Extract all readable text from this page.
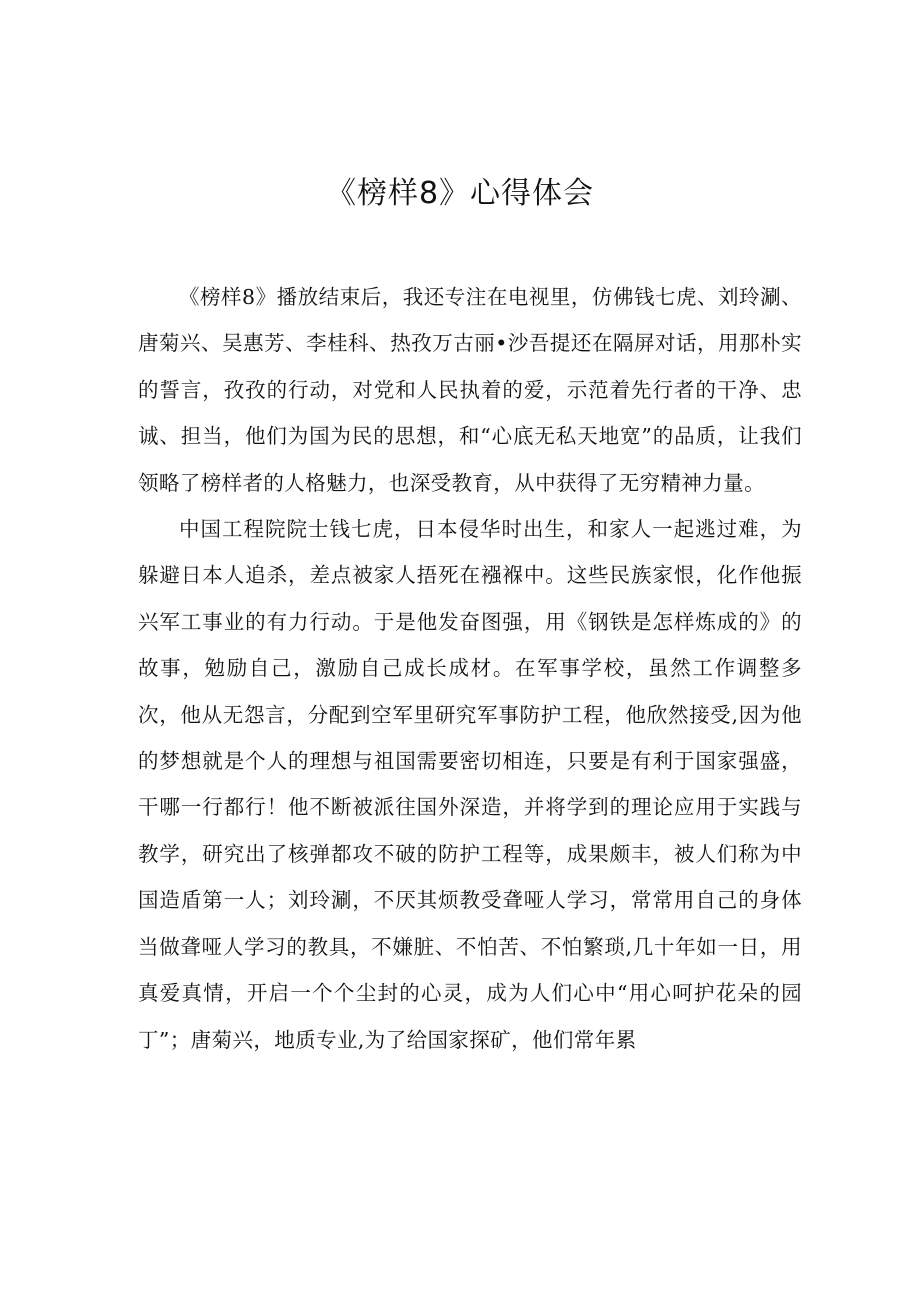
《榜样8》心得体会

《榜样8》播放结束后，我还专注在电视里，仿佛钱七虎、刘玲涮、唐菊兴、吴惠芳、李桂科、热孜万古丽•沙吾提还在隔屏对话，用那朴实的誓言，孜孜的行动，对党和人民执着的爱，示范着先行者的干净、忠诚、担当，他们为国为民的思想，和“心底无私天地宽”的品质，让我们领略了榜样者的人格魅力，也深受教育，从中获得了无穷精神力量。

中国工程院院士钱七虎，日本侵华时出生，和家人一起逃过难，为躲避日本人追杀，差点被家人捂死在襁褓中。这些民族家恨，化作他振兴军工事业的有力行动。于是他发奋图强，用《钢铁是怎样炼成的》的故事，勉励自己，激励自己成长成材。在军事学校，虽然工作调整多次，他从无怨言，分配到空军里研究军事防护工程，他欣然接受,因为他的梦想就是个人的理想与祖国需要密切相连，只要是有利于国家强盛，干哪一行都行！他不断被派往国外深造，并将学到的理论应用于实践与教学，研究出了核弹都攻不破的防护工程等，成果颇丰，被人们称为中国造盾第一人；刘玲涮，不厌其烦教受聋哑人学习，常常用自己的身体当做聋哑人学习的教具，不嫌脏、不怕苦、不怕繁琐,几十年如一日，用真爱真情，开启一个个尘封的心灵，成为人们心中“用心呵护花朵的园丁”；唐菊兴，地质专业,为了给国家探矿，他们常年累
